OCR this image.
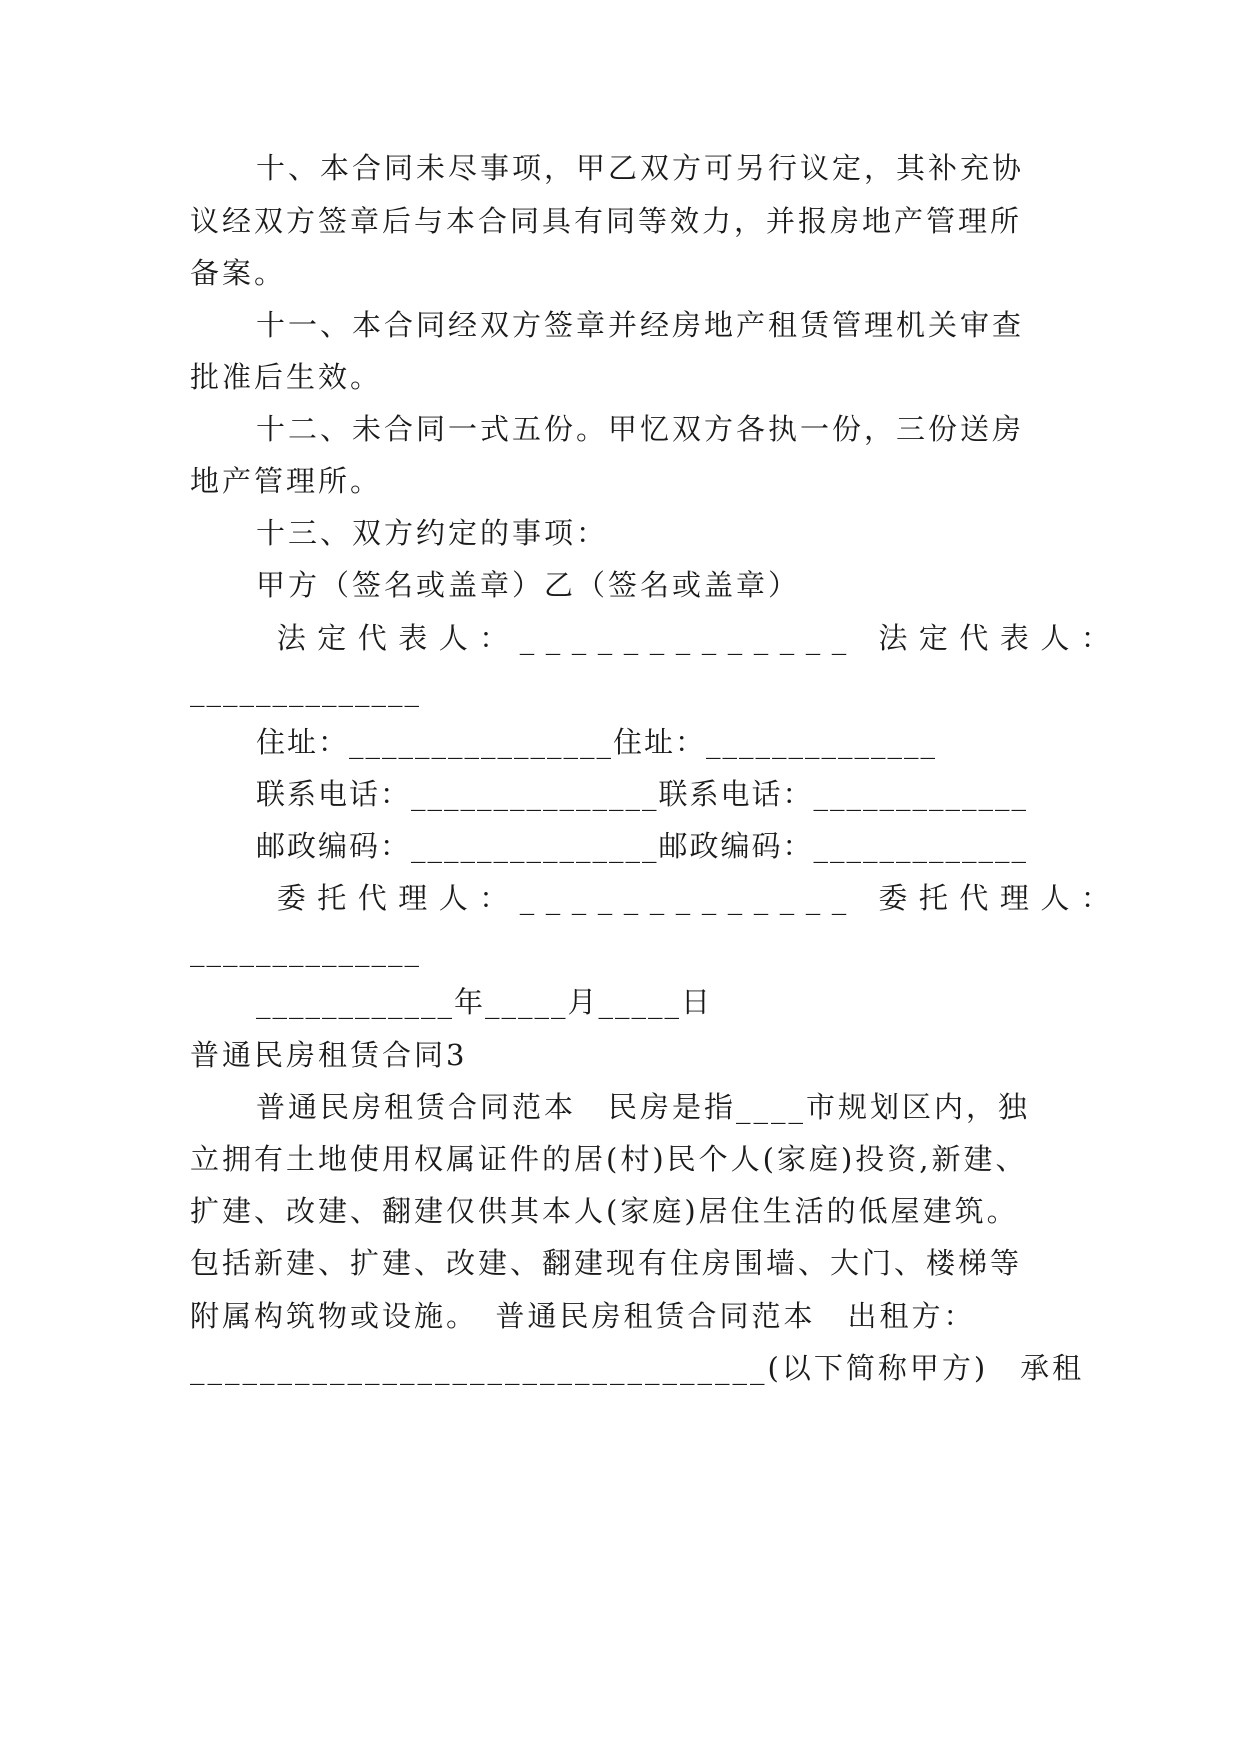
十、本合同未尽事项，甲乙双方可另行议定，其补充协
议经双方签章后与本合同具有同等效力，并报房地产管理所
备案。
十一、本合同经双方签章并经房地产租赁管理机关审查
批准后生效。
十二、未合同一式五份。甲忆双方各执一份，三份送房
地产管理所。
十三、双方约定的事项：
甲方（签名或盖章）乙（签名或盖章）
法定代表人：_____________ 法定代表人：
______________
住址：________________住址：______________
联系电话：_______________联系电话：_____________
邮政编码：_______________邮政编码：_____________
委托代理人：_____________ 委托代理人：
______________
____________年_____月_____日
普通民房租赁合同3
普通民房租赁合同范本　民房是指____市规划区内，独
立拥有土地使用权属证件的居(村)民个人(家庭)投资,新建、
扩建、改建、翻建仅供其本人(家庭)居住生活的低屋建筑。
包括新建、扩建、改建、翻建现有住房围墙、大门、楼梯等
附属构筑物或设施。　普通民房租赁合同范本　出租方：
_________________________________(以下简称甲方)　承租
